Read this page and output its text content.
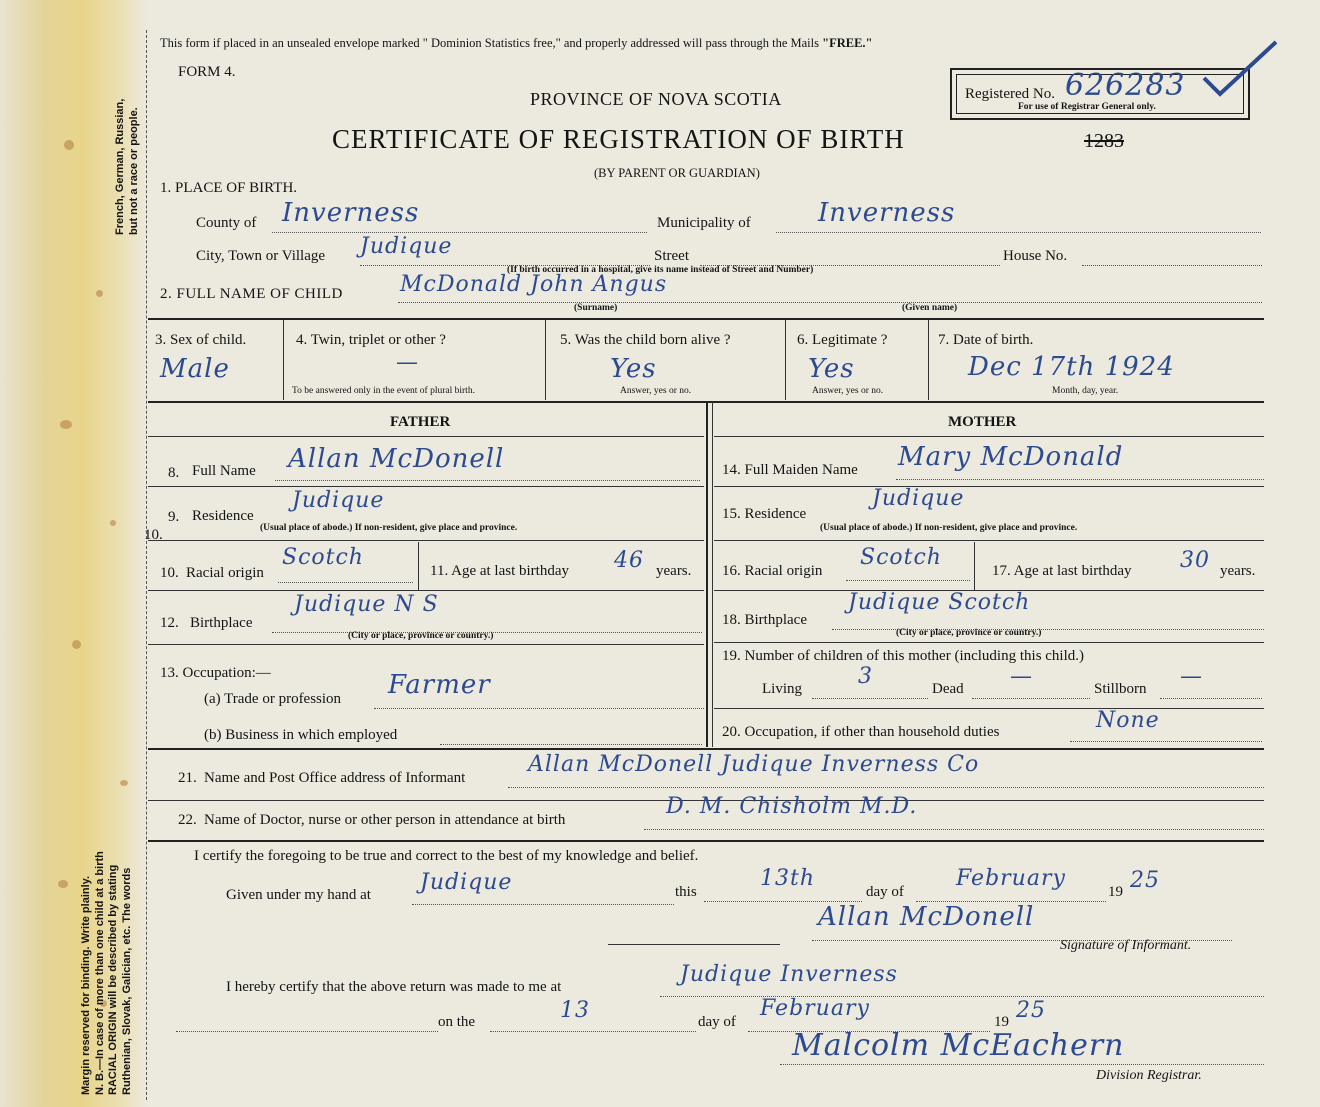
Margin reserved for binding. Write plainly. N. B.—In case of more than one child at a birth RACIAL ORIGIN will be described by stating Ruthenian, Slovak, Galician, etc. The words
French, German, Russian, but not a race or people.
This form if placed in an unsealed envelope marked " Dominion Statistics free," and properly addressed will pass through the Mails "FREE."
FORM 4.
PROVINCE OF NOVA SCOTIA
CERTIFICATE OF REGISTRATION OF BIRTH	1283
(BY PARENT OR GUARDIAN)
Registered No. 626283
For use of Registrar General only.
1. PLACE OF BIRTH.
County of Inverness	Municipality of	Inverness
City, Town or Village Judique	Street	House No.
(If birth occurred in a hospital, give its name instead of Street and Number)
2. FULL NAME OF CHILD	McDonald John Angus
(Surname)	(Given name)
3. Sex of child.
Male
4. Twin, triplet or other ?
—
To be answered only in the event of plural birth.
5. Was the child born alive ?
Yes
Answer, yes or no.
6. Legitimate ?
Yes
Answer, yes or no.
7. Date of birth.
Dec 17th 1924
Month, day, year.
FATHER	MOTHER
8. Full Name Allan McDonell
9. Residence
Judique
(Usual place of abode.) If non-resident, give place and province.
10.
10. Racial origin
Scotch
11. Age at last birthday 46 years.
12. Birthplace
Judique N S
(City or place, province or country.)
13. Occupation:—
(a) Trade or profession Farmer
(b) Business in which employed
14. Full Maiden Name Mary McDonald
15. Residence
Judique
(Usual place of abode.) If non-resident, give place and province.
16. Racial origin
Scotch
17. Age at last birthday 30 years.
18. Birthplace
Judique Scotch
(City or place, province or country.)
19. Number of children of this mother (including this child.)
Living	3	Dead —	Stillborn —
20. Occupation, if other than household duties	None
21. Name and Post Office address of Informant
Allan McDonell Judique Inverness Co
22. Name of Doctor, nurse or other person in attendance at birth
D. M. Chisholm M.D.
I certify the foregoing to be true and correct to the best of my knowledge and belief.
Given under my hand at Judique	this
13th
day of
February
19 25
Allan McDonell
Signature of Informant.
I hereby certify that the above return was made to me at	Judique Inverness
on the	13	day of
February
19 25
Malcolm McEachern
Division Registrar.
